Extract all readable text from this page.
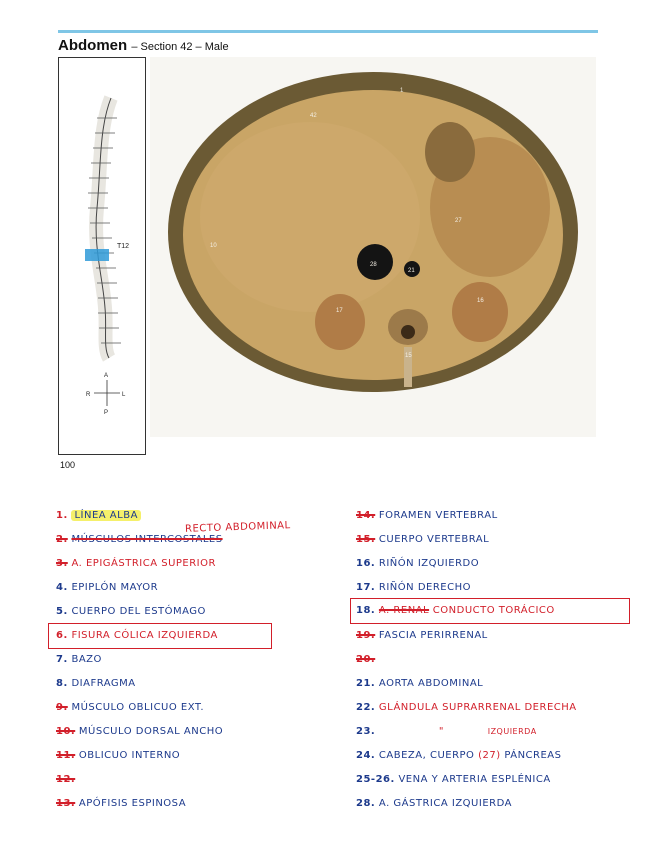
Abdomen – Section 42 – Male
T12
A
P
R	L
28
21
1
42
27
16
17
15
10
100
1. LÍNEA ALBA
RECTO ABDOMINAL
2. MÚSCULOS INTERCOSTALES
3. A. EPIGÁSTRICA SUPERIOR
4. EPIPLÓN MAYOR
5. CUERPO DEL ESTÓMAGO
6. FISURA CÓLICA IZQUIERDA
7. BAZO
8. DIAFRAGMA
9. MÚSCULO OBLICUO EXT.
10. MÚSCULO DORSAL ANCHO
11. OBLICUO INTERNO
12.
13. APÓFISIS ESPINOSA
14. FORAMEN VERTEBRAL
15. CUERPO VERTEBRAL
16. RIÑÓN IZQUIERDO
17. RIÑÓN DERECHO
18. A. RENAL CONDUCTO TORÁCICO
19. FASCIA PERIRRENAL
20.
21. AORTA ABDOMINAL
22. GLÁNDULA SUPRARRENAL DERECHA
23.	"	IZQUIERDA
24. CABEZA, CUERPO (27) PÁNCREAS
25-26. VENA Y ARTERIA ESPLÉNICA
28. A. GÁSTRICA IZQUIERDA
